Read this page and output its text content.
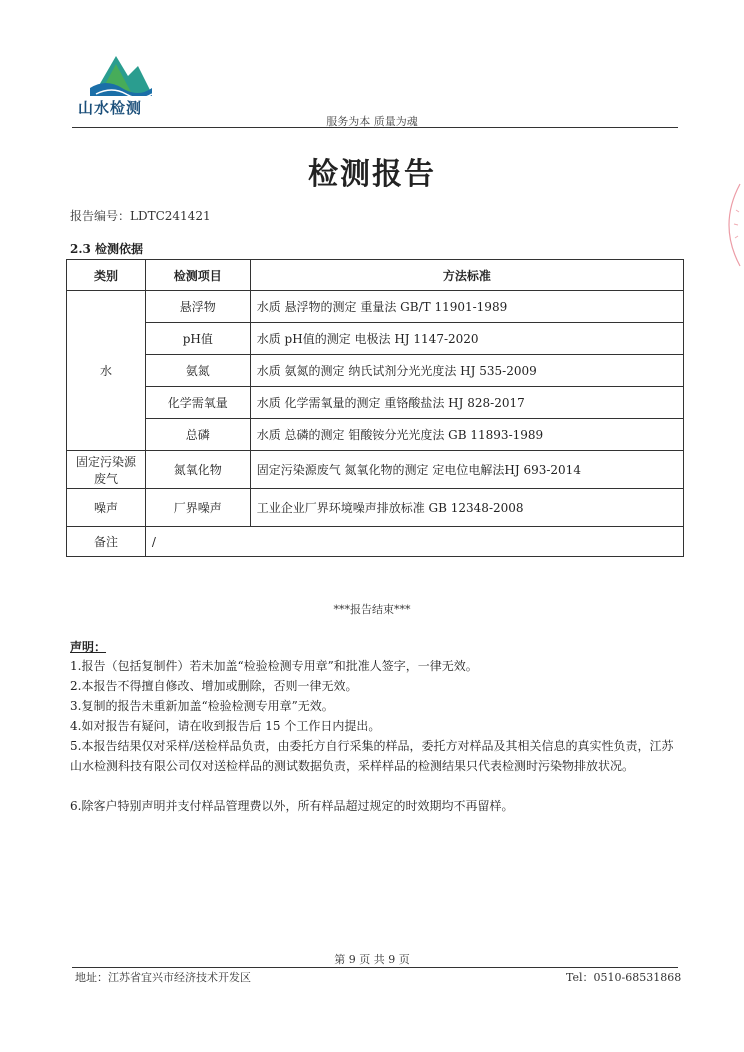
山水检测
服务为本 质量为魂
检测报告
报告编号：LDTC241421
2.3 检测依据
类别	检测项目	方法标准
水	悬浮物	水质 悬浮物的测定 重量法 GB/T 11901-1989
	pH值	水质 pH值的测定 电极法 HJ 1147-2020
	氨氮	水质 氨氮的测定 纳氏试剂分光光度法 HJ 535-2009
	化学需氧量	水质 化学需氧量的测定 重铬酸盐法 HJ 828-2017
	总磷	水质 总磷的测定 钼酸铵分光光度法 GB 11893-1989
固定污染源废气	氮氧化物	固定污染源废气 氮氧化物的测定 定电位电解法HJ 693-2014
噪声	厂界噪声	工业企业厂界环境噪声排放标准 GB 12348-2008
备注	/	
***报告结束***
声明：
1.报告（包括复制件）若未加盖“检验检测专用章”和批准人签字，一律无效。
2.本报告不得擅自修改、增加或删除，否则一律无效。
3.复制的报告未重新加盖“检验检测专用章”无效。
4.如对报告有疑问，请在收到报告后 15 个工作日内提出。
5.本报告结果仅对采样/送检样品负责，由委托方自行采集的样品，委托方对样品及其相关信息的真实性负责，江苏山水检测科技有限公司仅对送检样品的测试数据负责，采样样品的检测结果只代表检测时污染物排放状况。
6.除客户特别声明并支付样品管理费以外，所有样品超过规定的时效期均不再留样。
第 9 页 共 9 页
地址：江苏省宜兴市经济技术开发区	Tel：0510-68531868
